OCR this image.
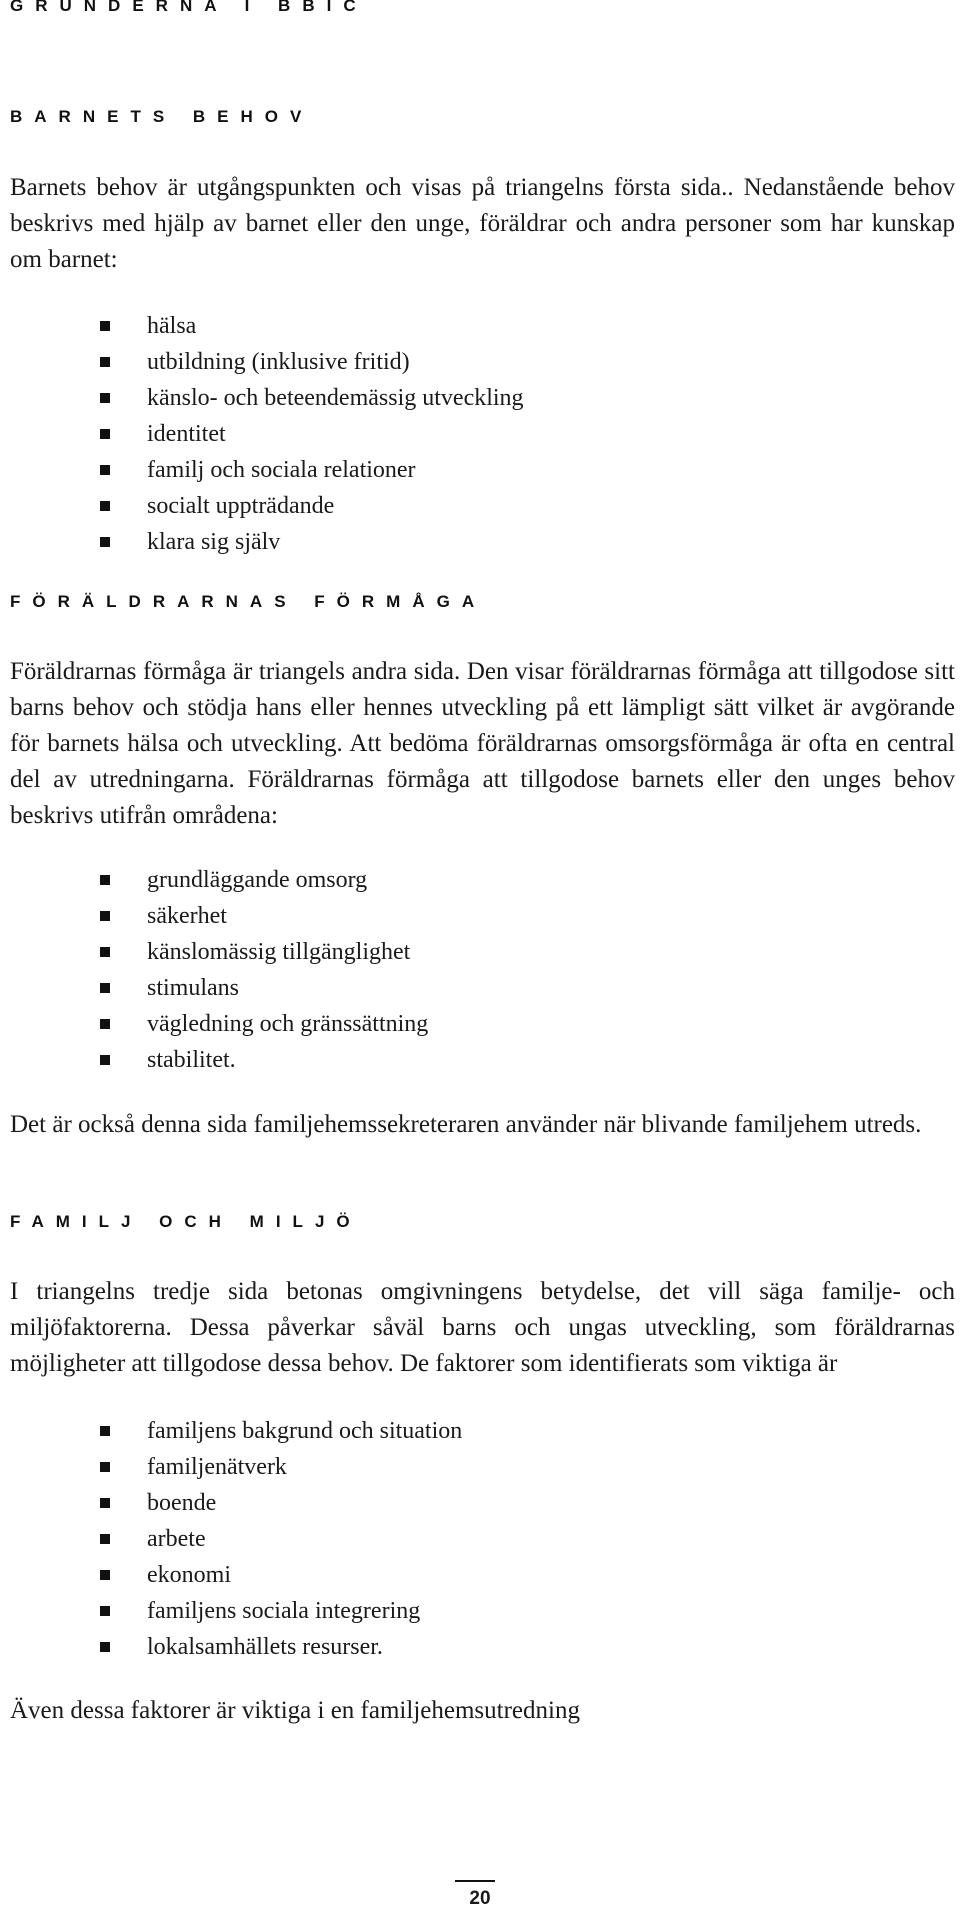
GRUNDERNA I BBIC
BARNETS BEHOV

Barnets behov är utgångspunkten och visas på triangelns första sida.. Nedanstående behov beskrivs med hjälp av barnet eller den unge, föräldrar och andra personer som har kunskap om barnet:

hälsa
utbildning (inklusive fritid)
känslo- och beteendemässig utveckling
identitet
familj och sociala relationer
socialt uppträdande
klara sig själv
FÖRÄLDRARNAS FÖRMÅGA

Föräldrarnas förmåga är triangels andra sida. Den visar föräldrarnas förmåga att tillgodose sitt barns behov och stödja hans eller hennes utveckling på ett lämpligt sätt vilket är avgörande för barnets hälsa och utveckling. Att bedöma föräldrarnas omsorgsförmåga är ofta en central del av utredningarna. Föräldrarnas förmåga att tillgodose barnets eller den unges behov beskrivs utifrån områdena:

grundläggande omsorg
säkerhet
känslomässig tillgänglighet
stimulans
vägledning och gränssättning
stabilitet.

Det är också denna sida familjehemssekreteraren använder när blivande familjehem utreds.

FAMILJ OCH MILJÖ

I triangelns tredje sida betonas omgivningens betydelse, det vill säga familje- och miljöfaktorerna. Dessa påverkar såväl barns och ungas utveckling, som föräldrarnas möjligheter att tillgodose dessa behov. De faktorer som identifierats som viktiga är

familjens bakgrund och situation
familjenätverk
boende
arbete
ekonomi
familjens sociala integrering
lokalsamhällets resurser.

Även dessa faktorer är viktiga i en familjehemsutredning

20
